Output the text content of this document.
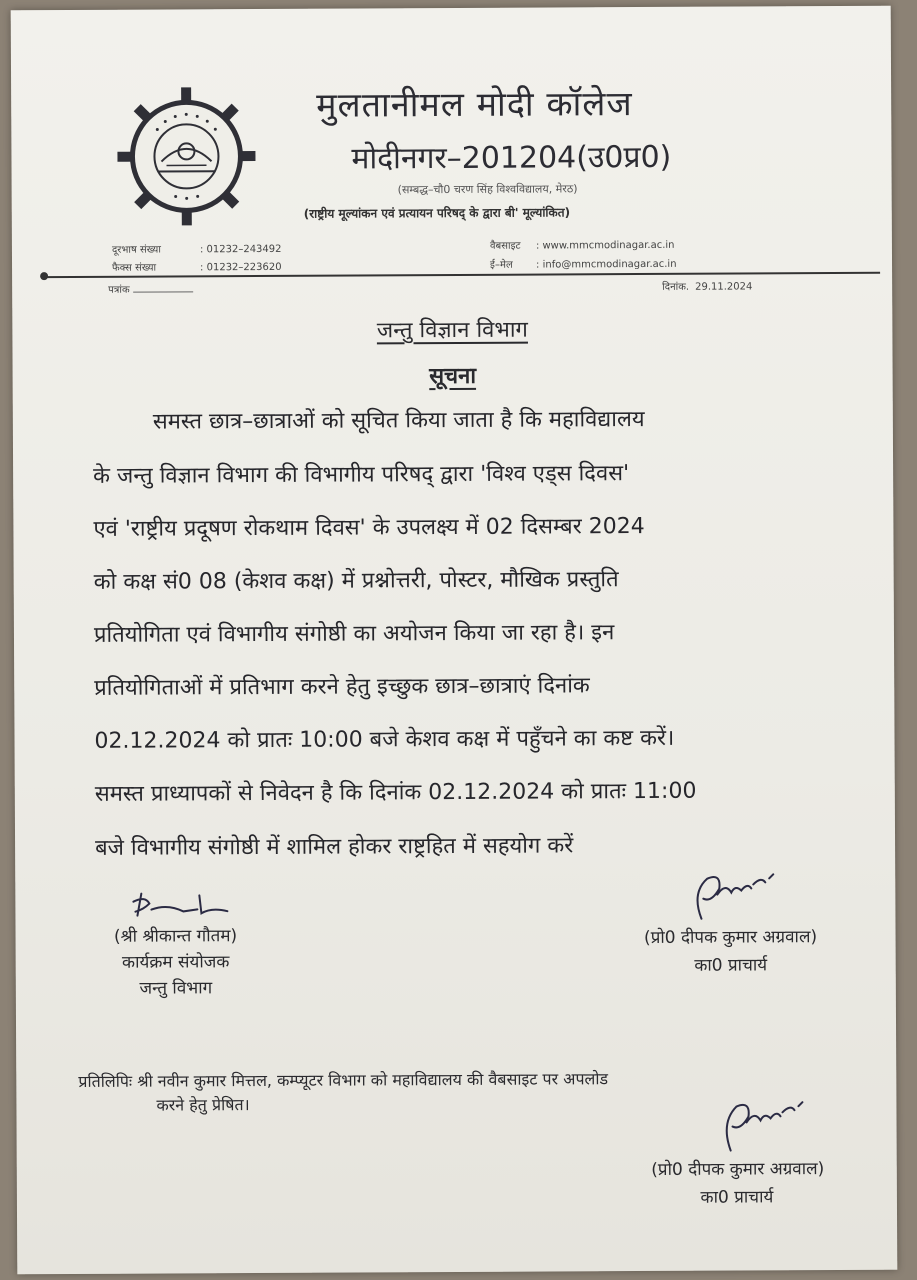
मुलतानीमल मोदी कॉलेज
मोदीनगर–201204(उ0प्र0)
(सम्बद्ध–चौ0 चरण सिंह विश्वविद्यालय, मेरठ)
(राष्ट्रीय मूल्यांकन एवं प्रत्यायन परिषद् के द्वारा बी' मूल्यांकित)
दूरभाष संख्या	: 01232–243492
फैक्स संख्या	: 01232–223620
वैबसाइट : www.mmcmodinagar.ac.in
ई–मेल : info@mmcmodinagar.ac.in
पत्रांक	दिनांक. 29.11.2024
जन्तु विज्ञान विभाग
सूचना
समस्त छात्र–छात्राओं को सूचित किया जाता है कि महाविद्यालय
के जन्तु विज्ञान विभाग की विभागीय परिषद् द्वारा 'विश्व एड्स दिवस'
एवं 'राष्ट्रीय प्रदूषण रोकथाम दिवस' के उपलक्ष्य में 02 दिसम्बर 2024
को कक्ष सं0 08 (केशव कक्ष) में प्रश्नोत्तरी, पोस्टर, मौखिक प्रस्तुति
प्रतियोगिता एवं विभागीय संगोष्ठी का अयोजन किया जा रहा है। इन
प्रतियोगिताओं में प्रतिभाग करने हेतु इच्छुक छात्र–छात्राएं दिनांक
02.12.2024 को प्रातः 10:00 बजे केशव कक्ष में पहुँचने का कष्ट करें।
समस्त प्राध्यापकों से निवेदन है कि दिनांक 02.12.2024 को प्रातः 11:00
बजे विभागीय संगोष्ठी में शामिल होकर राष्ट्रहित में सहयोग करें
(श्री श्रीकान्त गौतम)
कार्यक्रम संयोजक
जन्तु विभाग
(प्रो0 दीपक कुमार अग्रवाल)
का0 प्राचार्य
प्रतिलिपिः श्री नवीन कुमार मित्तल, कम्प्यूटर विभाग को महाविद्यालय की वैबसाइट पर अपलोड
करने हेतु प्रेषित।
(प्रो0 दीपक कुमार अग्रवाल)
का0 प्राचार्य
